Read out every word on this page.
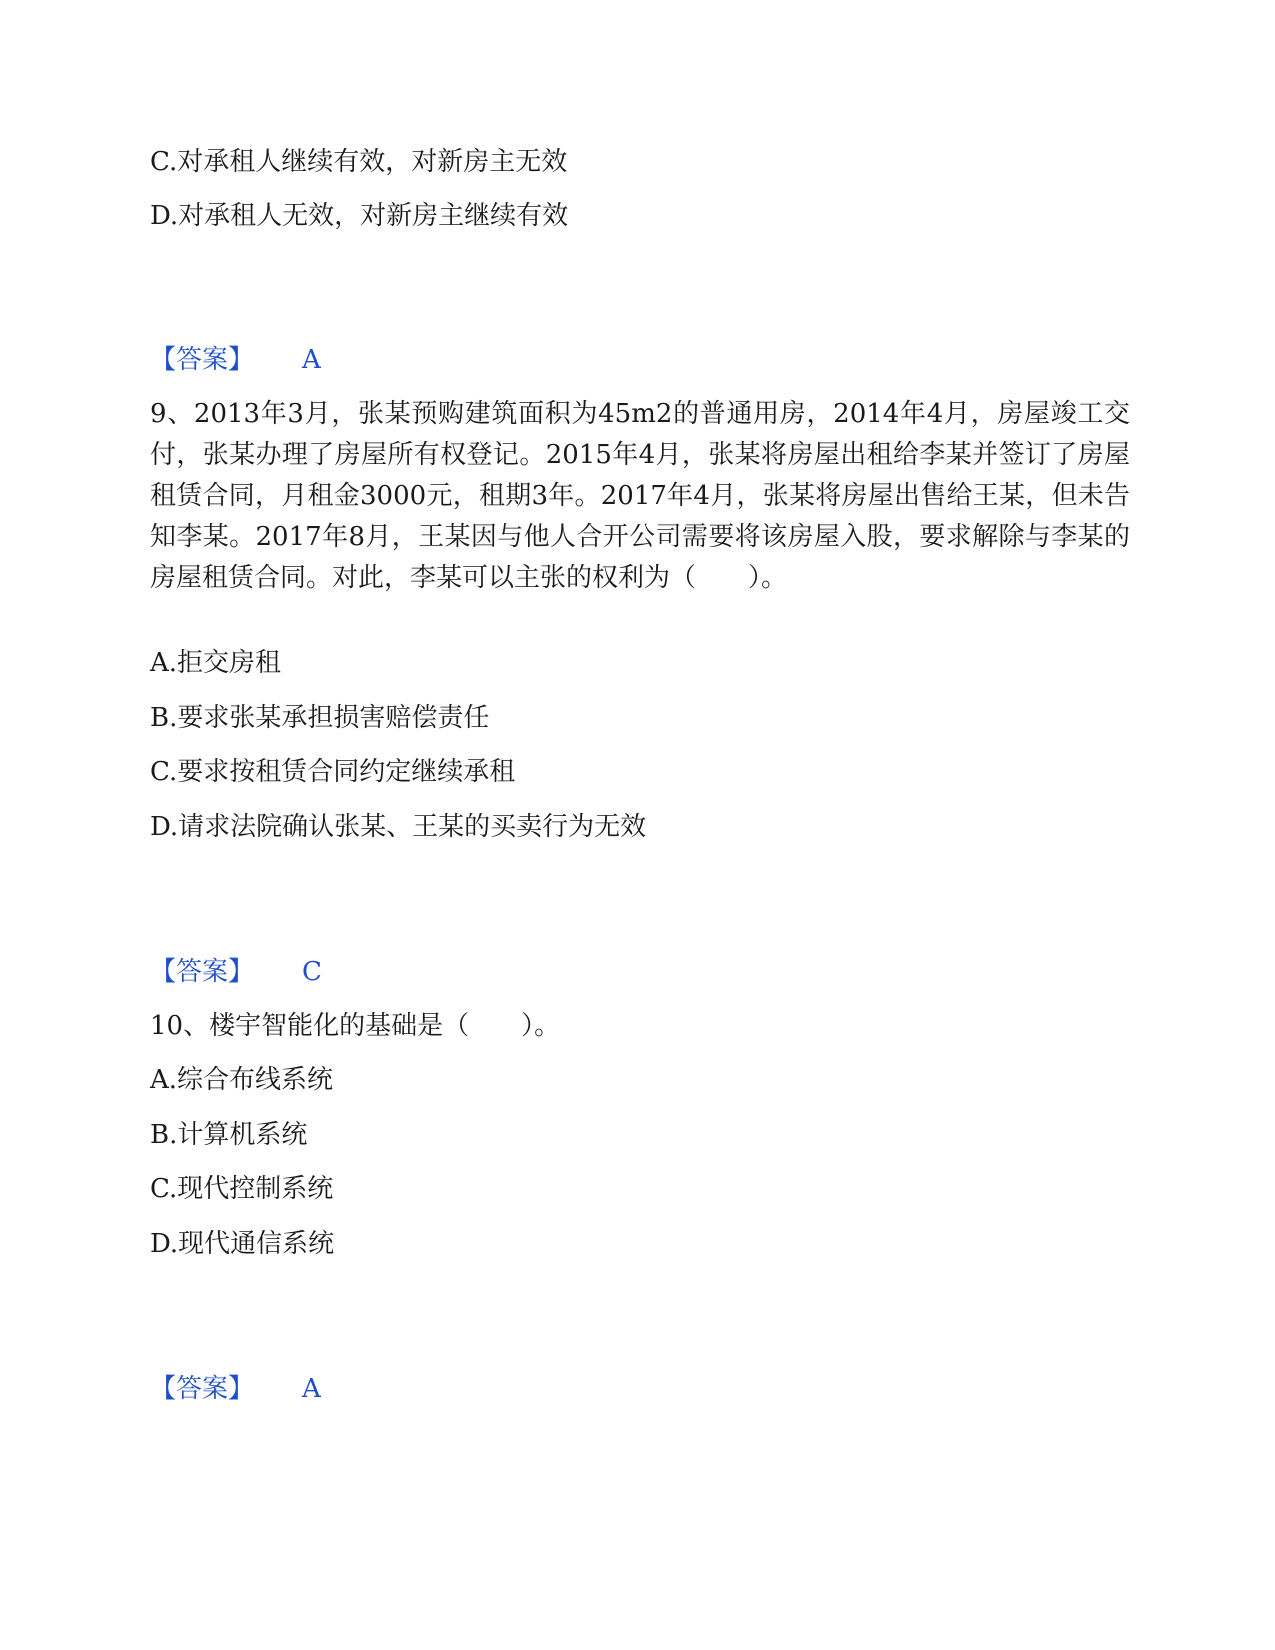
C.对承租人继续有效，对新房主无效

D.对承租人无效，对新房主继续有效

【答案】 A

9、2013年3月，张某预购建筑面积为45m2的普通用房，2014年4月，房屋竣工交付，张某办理了房屋所有权登记。2015年4月，张某将房屋出租给李某并签订了房屋租赁合同，月租金3000元，租期3年。2017年4月，张某将房屋出售给王某，但未告知李某。2017年8月，王某因与他人合开公司需要将该房屋入股，要求解除与李某的房屋租赁合同。对此，李某可以主张的权利为（　　）。

A.拒交房租

B.要求张某承担损害赔偿责任

C.要求按租赁合同约定继续承租

D.请求法院确认张某、王某的买卖行为无效

【答案】 C

10、楼宇智能化的基础是（　　）。

A.综合布线系统

B.计算机系统

C.现代控制系统

D.现代通信系统

【答案】 A
